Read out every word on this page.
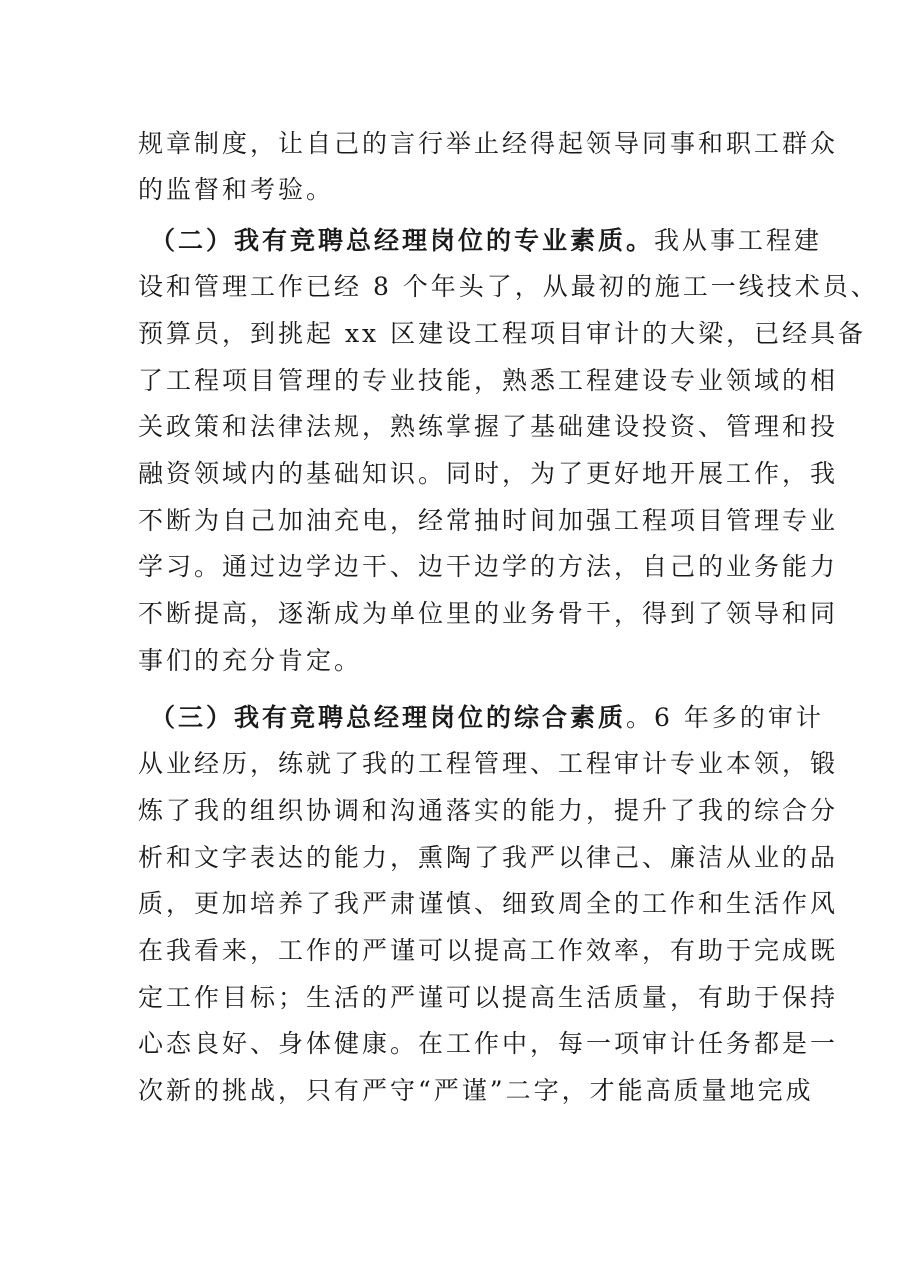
规章制度，让自己的言行举止经得起领导同事和职工群众
的监督和考验。
（二）我有竞聘总经理岗位的专业素质。我从事工程建
设和管理工作已经 8 个年头了，从最初的施工一线技术员、
预算员，到挑起 xx 区建设工程项目审计的大梁，已经具备
了工程项目管理的专业技能，熟悉工程建设专业领域的相
关政策和法律法规，熟练掌握了基础建设投资、管理和投
融资领域内的基础知识。同时，为了更好地开展工作，我
不断为自己加油充电，经常抽时间加强工程项目管理专业
学习。通过边学边干、边干边学的方法，自己的业务能力
不断提高，逐渐成为单位里的业务骨干，得到了领导和同
事们的充分肯定。
（三）我有竞聘总经理岗位的综合素质。6 年多的审计
从业经历，练就了我的工程管理、工程审计专业本领，锻
炼了我的组织协调和沟通落实的能力，提升了我的综合分
析和文字表达的能力，熏陶了我严以律己、廉洁从业的品
质，更加培养了我严肃谨慎、细致周全的工作和生活作风
在我看来，工作的严谨可以提高工作效率，有助于完成既
定工作目标；生活的严谨可以提高生活质量，有助于保持
心态良好、身体健康。在工作中，每一项审计任务都是一
次新的挑战，只有严守“严谨”二字，才能高质量地完成
